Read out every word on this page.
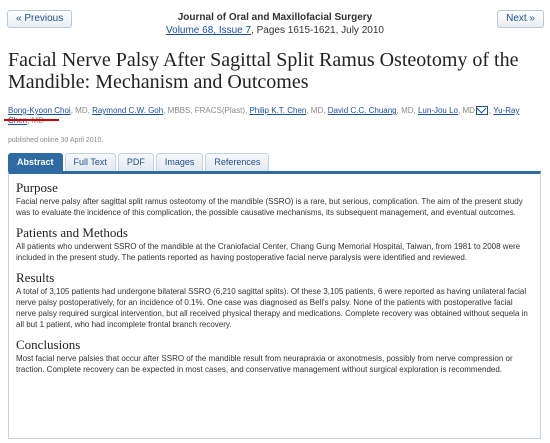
« Previous	Journal of Oral and Maxillofacial Surgery
Volume 68, Issue 7, Pages 1615-1621, July 2010
Next »
Facial Nerve Palsy After Sagittal Split Ramus Osteotomy of the Mandible: Mechanism and Outcomes
Bong-Kyoon Choi, MD, Raymond C.W. Goh, MBBS, FRACS(Plast), Philip K.T. Chen, MD, David C.C. Chuang, MD, Lun-Jou Lo, MD , Yu-Ray
published online 30 April 2010.
Abstract	Full Text	PDF	Images	References
Purpose

Facial nerve palsy after sagittal split ramus osteotomy of the mandible (SSRO) is a rare, but serious, complication. The aim of the present study was to evaluate the incidence of this complication, the possible causative mechanisms, its subsequent management, and eventual outcomes.

Patients and Methods

All patients who underwent SSRO of the mandible at the Craniofacial Center, Chang Gung Memorial Hospital, Taiwan, from 1981 to 2008 were included in the present study. The patients reported as having postoperative facial nerve paralysis were identified and reviewed.

Results

A total of 3,105 patients had undergone bilateral SSRO (6,210 sagittal splits). Of these 3,105 patients, 6 were reported as having unilateral facial nerve palsy postoperatively, for an incidence of 0.1%. One case was diagnosed as Bell's palsy. None of the patients with postoperative facial nerve palsy required surgical intervention, but all received physical therapy and medications. Complete recovery was obtained without sequela in all but 1 patient, who had incomplete frontal branch recovery.

Conclusions

Most facial nerve palsies that occur after SSRO of the mandible result from neurapraxia or axonotmesis, possibly from nerve compression or traction. Complete recovery can be expected in most cases, and conservative management without surgical exploration is recommended.
